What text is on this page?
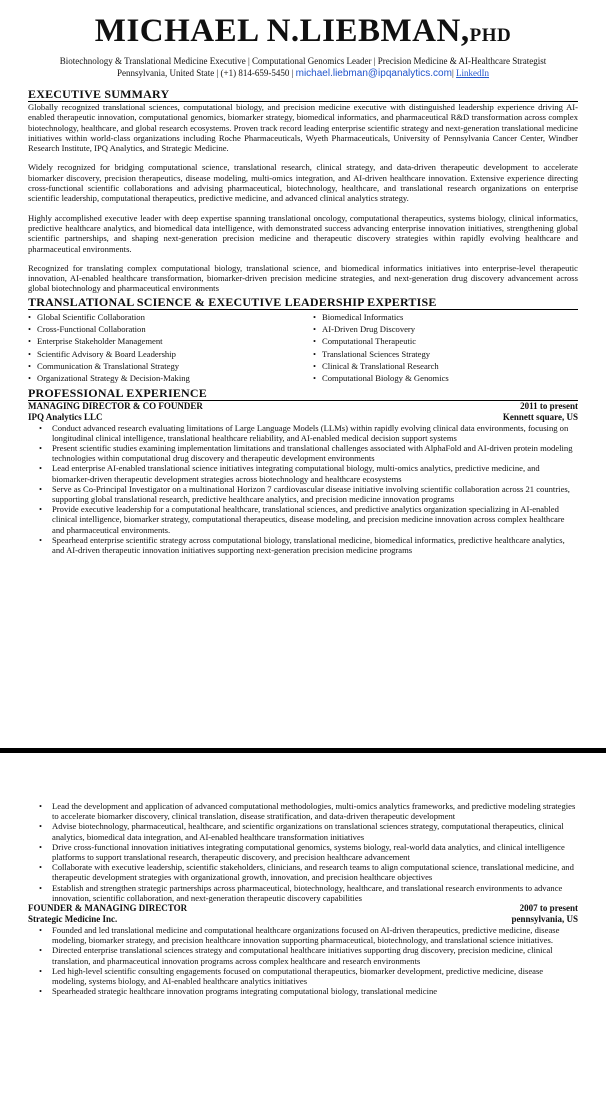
MICHAEL N.LIEBMAN,PHD
Biotechnology & Translational Medicine Executive | Computational Genomics Leader | Precision Medicine & AI-Healthcare Strategist
Pennsylvania, United State | (+1) 814-659-5450 | michael.liebman@ipqanalytics.com| LinkedIn
EXECUTIVE SUMMARY
Globally recognized translational sciences, computational biology, and precision medicine executive with distinguished leadership experience driving AI-enabled therapeutic innovation, computational genomics, biomarker strategy, biomedical informatics, and pharmaceutical R&D transformation across complex biotechnology, healthcare, and global research ecosystems. Proven track record leading enterprise scientific strategy and next-generation translational medicine initiatives within world-class organizations including Roche Pharmaceuticals, Wyeth Pharmaceuticals, University of Pennsylvania Cancer Center, Windber Research Institute, IPQ Analytics, and Strategic Medicine.
Widely recognized for bridging computational science, translational research, clinical strategy, and data-driven therapeutic development to accelerate biomarker discovery, precision therapeutics, disease modeling, multi-omics integration, and AI-driven healthcare innovation. Extensive experience directing cross-functional scientific collaborations and advising pharmaceutical, biotechnology, healthcare, and translational research organizations on enterprise scientific leadership, computational therapeutics, predictive medicine, and advanced clinical analytics strategy.
Highly accomplished executive leader with deep expertise spanning translational oncology, computational therapeutics, systems biology, clinical informatics, predictive healthcare analytics, and biomedical data intelligence, with demonstrated success advancing enterprise innovation initiatives, strengthening global scientific partnerships, and shaping next-generation precision medicine and therapeutic discovery strategies within rapidly evolving healthcare and pharmaceutical environments.
Recognized for translating complex computational biology, translational science, and biomedical informatics initiatives into enterprise-level therapeutic innovation, AI-enabled healthcare transformation, biomarker-driven precision medicine strategies, and next-generation drug discovery advancement across global biotechnology and pharmaceutical environments
TRANSLATIONAL SCIENCE & EXECUTIVE LEADERSHIP EXPERTISE
• Global Scientific Collaboration
• Cross-Functional Collaboration
• Enterprise Stakeholder Management
• Scientific Advisory & Board Leadership
• Communication & Translational Strategy
• Organizational Strategy & Decision-Making
• Biomedical Informatics
• AI-Driven Drug Discovery
• Computational Therapeutic
• Translational Sciences Strategy
• Clinical & Translational Research
• Computational Biology & Genomics
PROFESSIONAL EXPERIENCE
MANAGING DIRECTOR & CO FOUNDER	2011 to present
IPQ Analytics LLC	Kennett square, US
• Conduct advanced research evaluating limitations of Large Language Models (LLMs) within rapidly evolving clinical data environments, focusing on longitudinal clinical intelligence, translational healthcare reliability, and AI-enabled medical decision support systems
• Present scientific studies examining implementation limitations and translational challenges associated with AlphaFold and AI-driven protein modeling technologies within computational drug discovery and therapeutic development environments
• Lead enterprise AI-enabled translational science initiatives integrating computational biology, multi-omics analytics, predictive medicine, and biomarker-driven therapeutic development strategies across biotechnology and healthcare ecosystems
• Serve as Co-Principal Investigator on a multinational Horizon 7 cardiovascular disease initiative involving scientific collaboration across 21 countries, supporting global translational research, predictive healthcare analytics, and precision medicine innovation programs
• Provide executive leadership for a computational healthcare, translational sciences, and predictive analytics organization specializing in AI-enabled clinical intelligence, biomarker strategy, computational therapeutics, disease modeling, and precision medicine innovation across complex healthcare and pharmaceutical environments.
• Spearhead enterprise scientific strategy across computational biology, translational medicine, biomedical informatics, predictive healthcare analytics, and AI-driven therapeutic innovation initiatives supporting next-generation precision medicine programs
• Lead the development and application of advanced computational methodologies, multi-omics analytics frameworks, and predictive modeling strategies to accelerate biomarker discovery, clinical translation, disease stratification, and data-driven therapeutic development
• Advise biotechnology, pharmaceutical, healthcare, and scientific organizations on translational sciences strategy, computational therapeutics, clinical analytics, biomedical data integration, and AI-enabled healthcare transformation initiatives
• Drive cross-functional innovation initiatives integrating computational genomics, systems biology, real-world data analytics, and clinical intelligence platforms to support translational research, therapeutic discovery, and precision healthcare advancement
• Collaborate with executive leadership, scientific stakeholders, clinicians, and research teams to align computational science, translational medicine, and therapeutic development strategies with organizational growth, innovation, and precision healthcare objectives
• Establish and strengthen strategic partnerships across pharmaceutical, biotechnology, healthcare, and translational research environments to advance innovation, scientific collaboration, and next-generation therapeutic discovery capabilities
FOUNDER & MANAGING DIRECTOR	2007 to present
Strategic Medicine Inc.	pennsylvania, US
• Founded and led translational medicine and computational healthcare organizations focused on AI-driven therapeutics, predictive medicine, disease modeling, biomarker strategy, and precision healthcare innovation supporting pharmaceutical, biotechnology, and translational science initiatives.
• Directed enterprise translational sciences strategy and computational healthcare initiatives supporting drug discovery, precision medicine, clinical translation, and pharmaceutical innovation programs across complex healthcare and research environments
• Led high-level scientific consulting engagements focused on computational therapeutics, biomarker development, predictive medicine, disease modeling, systems biology, and AI-enabled healthcare analytics initiatives
• Spearheaded strategic healthcare innovation programs integrating computational biology, translational medicine
